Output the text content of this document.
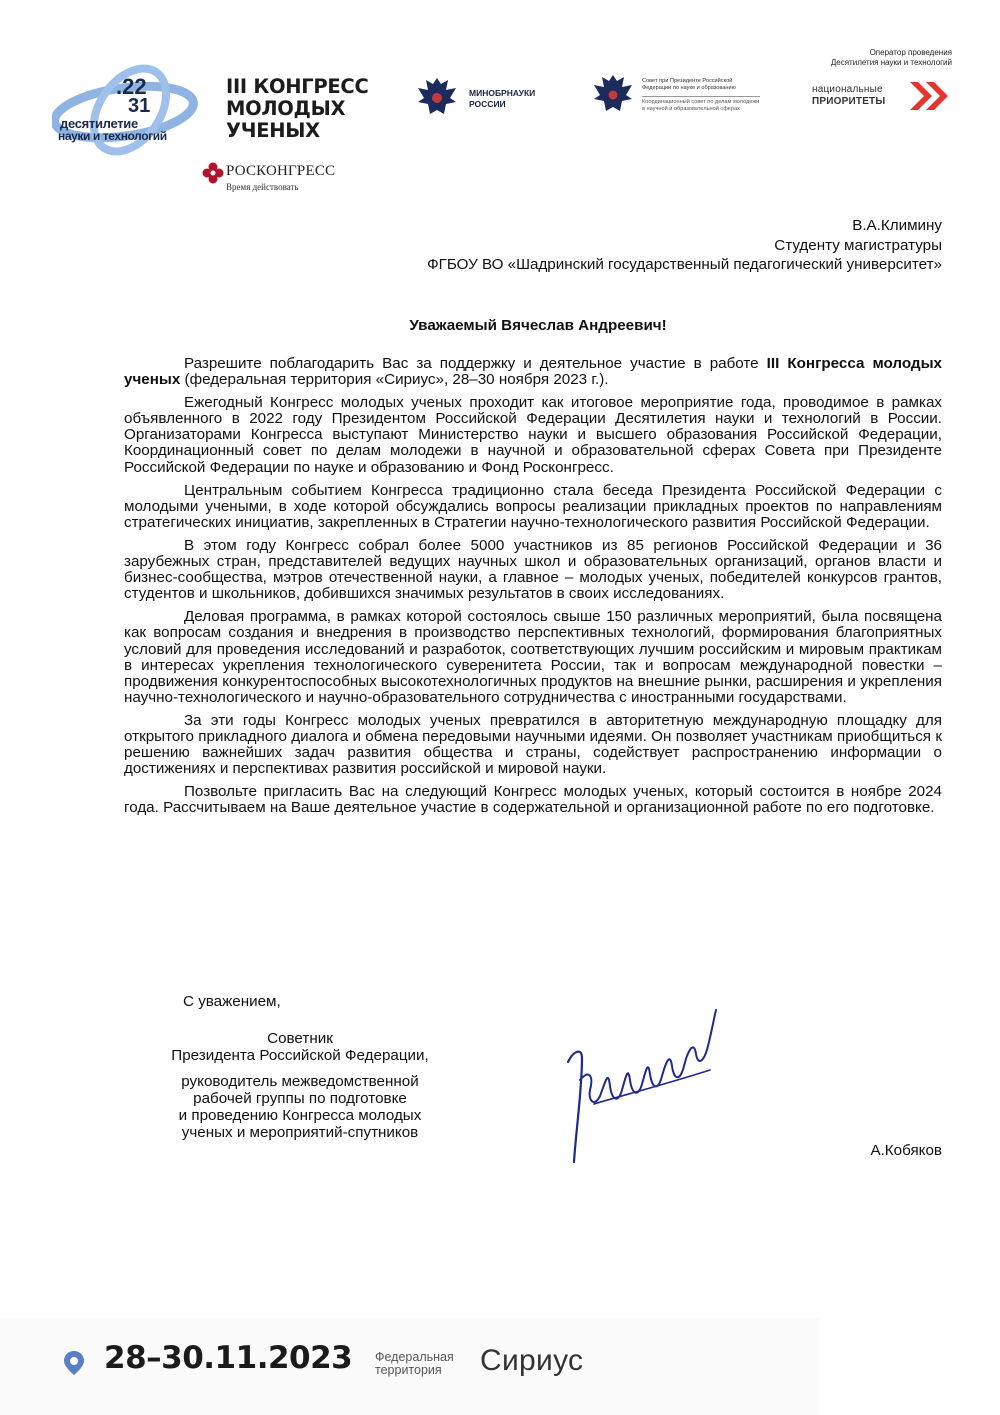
.22
31
десятилетие
науки и технологий
III КОНГРЕСС
МОЛОДЫХ
УЧЕНЫХ
РОСКОНГРЕСС
Время действовать
МИНОБРНАУКИ
РОССИИ
Совет при Президенте Российской Федерации по науке и образованию
Координационный совет по делам молодежи в научной и образовательной сферах
Оператор проведения
Десятилетия науки и технологий
национальные
ПРИОРИТЕТЫ
В.А.Климину
Студенту магистратуры
ФГБОУ ВО «Шадринский государственный педагогический университет»
Уважаемый Вячеслав Андреевич!

Разрешите поблагодарить Вас за поддержку и деятельное участие в работе III Конгресса молодых ученых (федеральная территория «Сириус», 28–30 ноября 2023 г.).

Ежегодный Конгресс молодых ученых проходит как итоговое мероприятие года, проводимое в рамках объявленного в 2022 году Президентом Российской Федерации Десятилетия науки и технологий в России. Организаторами Конгресса выступают Министерство науки и высшего образования Российской Федерации, Координационный совет по делам молодежи в научной и образовательной сферах Совета при Президенте Российской Федерации по науке и образованию и Фонд Росконгресс.

Центральным событием Конгресса традиционно стала беседа Президента Российской Федерации с молодыми учеными, в ходе которой обсуждались вопросы реализации прикладных проектов по направлениям стратегических инициатив, закрепленных в Стратегии научно-технологического развития Российской Федерации.

В этом году Конгресс собрал более 5000 участников из 85 регионов Российской Федерации и 36 зарубежных стран, представителей ведущих научных школ и образовательных организаций, органов власти и бизнес-сообщества, мэтров отечественной науки, а главное – молодых ученых, победителей конкурсов грантов, студентов и школьников, добившихся значимых результатов в своих исследованиях.

Деловая программа, в рамках которой состоялось свыше 150 различных мероприятий, была посвящена как вопросам создания и внедрения в производство перспективных технологий, формирования благоприятных условий для проведения исследований и разработок, соответствующих лучшим российским и мировым практикам в интересах укрепления технологического суверенитета России, так и вопросам международной повестки – продвижения конкурентоспособных высокотехнологичных продуктов на внешние рынки, расширения и укрепления научно-технологического и научно-образовательного сотрудничества с иностранными государствами.

За эти годы Конгресс молодых ученых превратился в авторитетную международную площадку для открытого прикладного диалога и обмена передовыми научными идеями. Он позволяет участникам приобщиться к решению важнейших задач развития общества и страны, содействует распространению информации о достижениях и перспективах развития российской и мировой науки.

Позвольте пригласить Вас на следующий Конгресс молодых ученых, который состоится в ноябре 2024 года. Рассчитываем на Ваше деятельное участие в содержательной и организационной работе по его подготовке.

С уважением,
Советник
Президента Российской Федерации,
руководитель межведомственной
рабочей группы по подготовке
и проведению Конгресса молодых
ученых и мероприятий-спутников
А.Кобяков
28–30.11.2023 Федеральная
территория	Сириус
